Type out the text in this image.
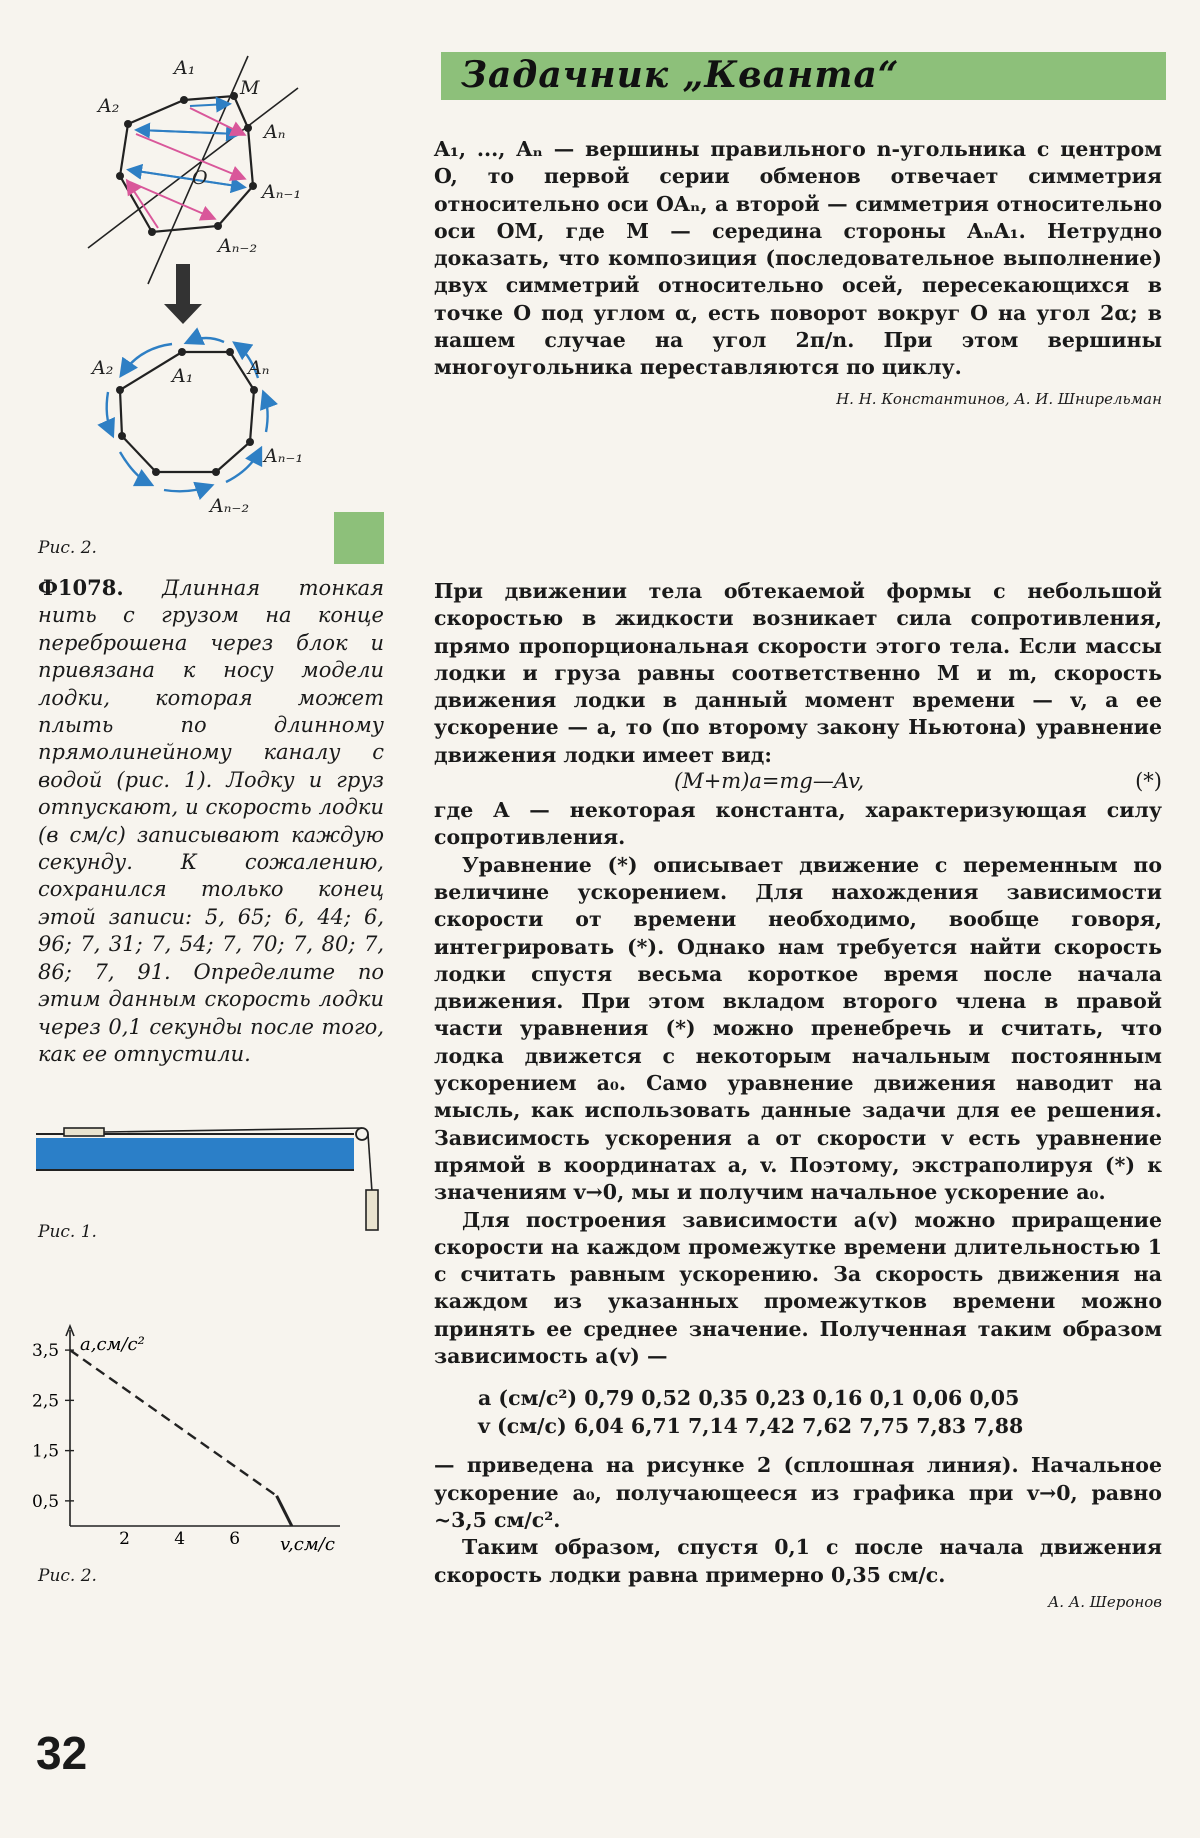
Задачник „Кванта“

A₁, ..., Aₙ — вершины правильного n-угольника с центром O, то первой серии обменов отвечает симметрия относительно оси OAₙ, а второй — симметрия относительно оси OM, где M — середина стороны AₙA₁. Нетрудно доказать, что композиция (последовательное выполнение) двух симметрий относительно осей, пересекающихся в точке O под углом α, есть поворот вокруг O на угол 2α; в нашем случае на угол 2π/n. При этом вершины многоугольника переставляются по циклу.

Н. Н. Константинов, А. И. Шнирельман

A₁
A₂
M
Aₙ
O
Aₙ₋₁
Aₙ₋₂
A₂	A₁	Aₙ
Aₙ₋₁
Aₙ₋₂
Рис. 2.
Ф1078. Длинная тонкая нить с грузом на конце переброшена через блок и привязана к носу модели лодки, которая может плыть по длинному прямолинейному каналу с водой (рис. 1). Лодку и груз отпускают, и скорость лодки (в см/с) записывают каждую секунду. К сожалению, сохранился только конец этой записи: 5, 65; 6, 44; 6, 96; 7, 31; 7, 54; 7, 70; 7, 80; 7, 86; 7, 91. Определите по этим данным скорость лодки через 0,1 секунды после того, как ее отпустили.
Рис. 1.
2	4	6
3,5
2,5
1,5
0,5
a,см/с²
v,см/с
Рис. 2.

При движении тела обтекаемой формы с небольшой скоростью в жидкости возникает сила сопротивления, прямо пропорциональная скорости этого тела. Если массы лодки и груза равны соответственно M и m, скорость движения лодки в данный момент времени — v, а ее ускорение — a, то (по второму закону Ньютона) уравнение движения лодки имеет вид:

(M+m)a=mg—Av,	(*)

где A — некоторая константа, характеризующая силу сопротивления.

Уравнение (*) описывает движение с переменным по величине ускорением. Для нахождения зависимости скорости от времени необходимо, вообще говоря, интегрировать (*). Однако нам требуется найти скорость лодки спустя весьма короткое время после начала движения. При этом вкладом второго члена в правой части уравнения (*) можно пренебречь и считать, что лодка движется с некоторым начальным постоянным ускорением a₀. Само уравнение движения наводит на мысль, как использовать данные задачи для ее решения. Зависимость ускорения a от скорости v есть уравнение прямой в координатах a, v. Поэтому, экстраполируя (*) к значениям v→0, мы и получим начальное ускорение a₀.

Для построения зависимости a(v) можно приращение скорости на каждом промежутке времени длительностью 1 с считать равным ускорению. За скорость движения на каждом из указанных промежутков времени можно принять ее среднее значение. Полученная таким образом зависимость a(v) —

a (см/с²) 0,79 0,52 0,35 0,23 0,16 0,1 0,06 0,05
v (см/с) 6,04 6,71 7,14 7,42 7,62 7,75 7,83 7,88

— приведена на рисунке 2 (сплошная линия). Начальное ускорение a₀, получающееся из графика при v→0, равно ~3,5 см/с².

Таким образом, спустя 0,1 с после начала движения скорость лодки равна примерно 0,35 см/с.

А. А. Шеронов

32
